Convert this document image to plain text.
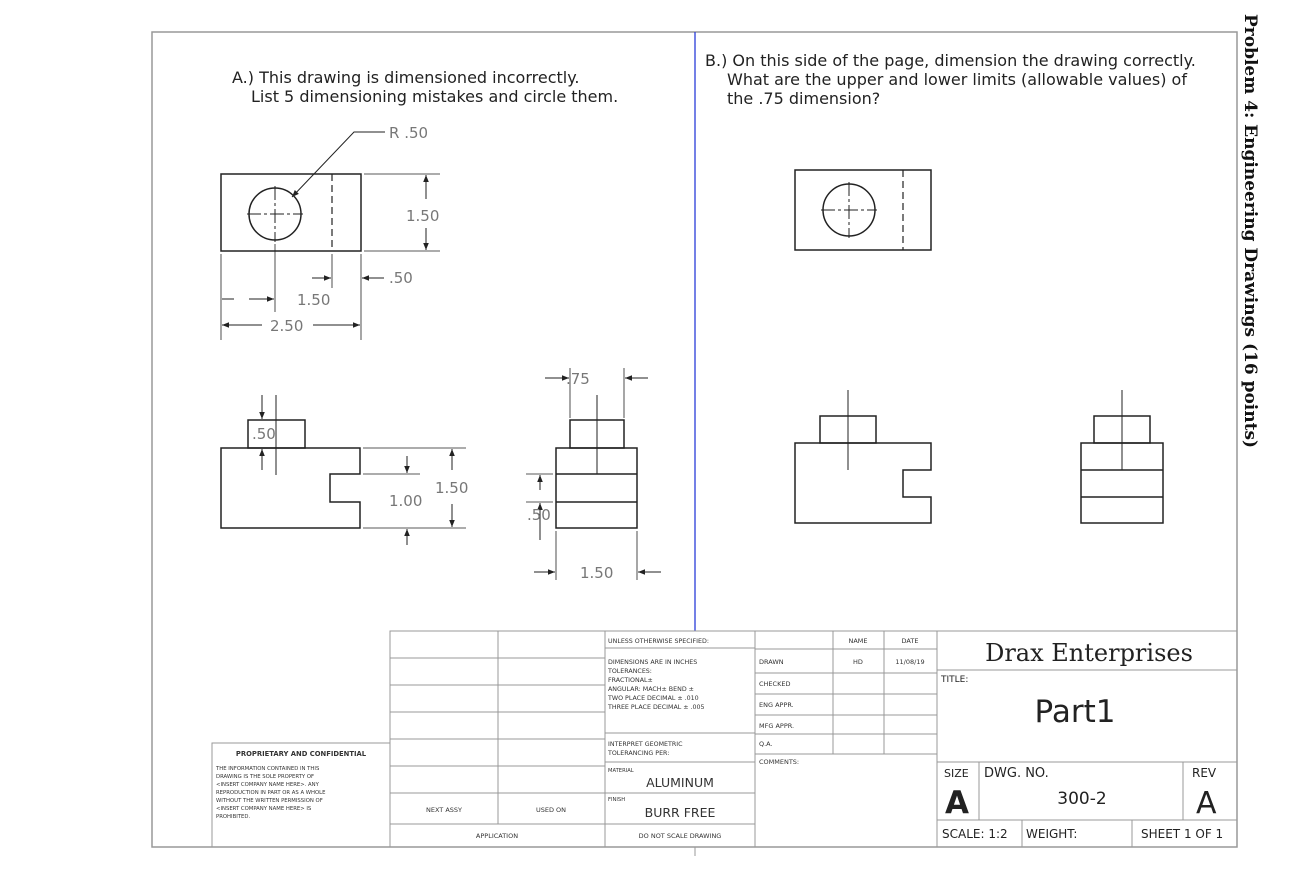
A.) This drawing is dimensioned incorrectly.
List 5 dimensioning mistakes and circle them.
R .50
1.50
.50
1.50
2.50
.50
1.00
1.50
.75
.50
1.50
B.) On this side of the page, dimension the drawing correctly.
What are the upper and lower limits (allowable values) of
the .75 dimension?
PROPRIETARY AND CONFIDENTIAL
THE INFORMATION CONTAINED IN THIS
DRAWING IS THE SOLE PROPERTY OF
<INSERT COMPANY NAME HERE>. ANY
REPRODUCTION IN PART OR AS A WHOLE
WITHOUT THE WRITTEN PERMISSION OF
<INSERT COMPANY NAME HERE> IS
PROHIBITED.
NEXT ASSY	USED ON
APPLICATION
UNLESS OTHERWISE SPECIFIED:
DIMENSIONS ARE IN INCHES
TOLERANCES:
FRACTIONAL±
ANGULAR: MACH± BEND ±
TWO PLACE DECIMAL ± .010
THREE PLACE DECIMAL ± .005
INTERPRET GEOMETRIC
TOLERANCING PER:
MATERIAL
ALUMINUM
FINISH
BURR FREE
DO NOT SCALE DRAWING
NAME	DATE
DRAWN	HD	11/08/19
CHECKED
ENG APPR.
MFG APPR.
Q.A.
COMMENTS:
Drax Enterprises
TITLE:
Part1
SIZE
A
DWG. NO.
300-2
REV
A
SCALE: 1:2 WEIGHT:	SHEET 1 OF 1
Problem 4: Engineering Drawings (16 points)
